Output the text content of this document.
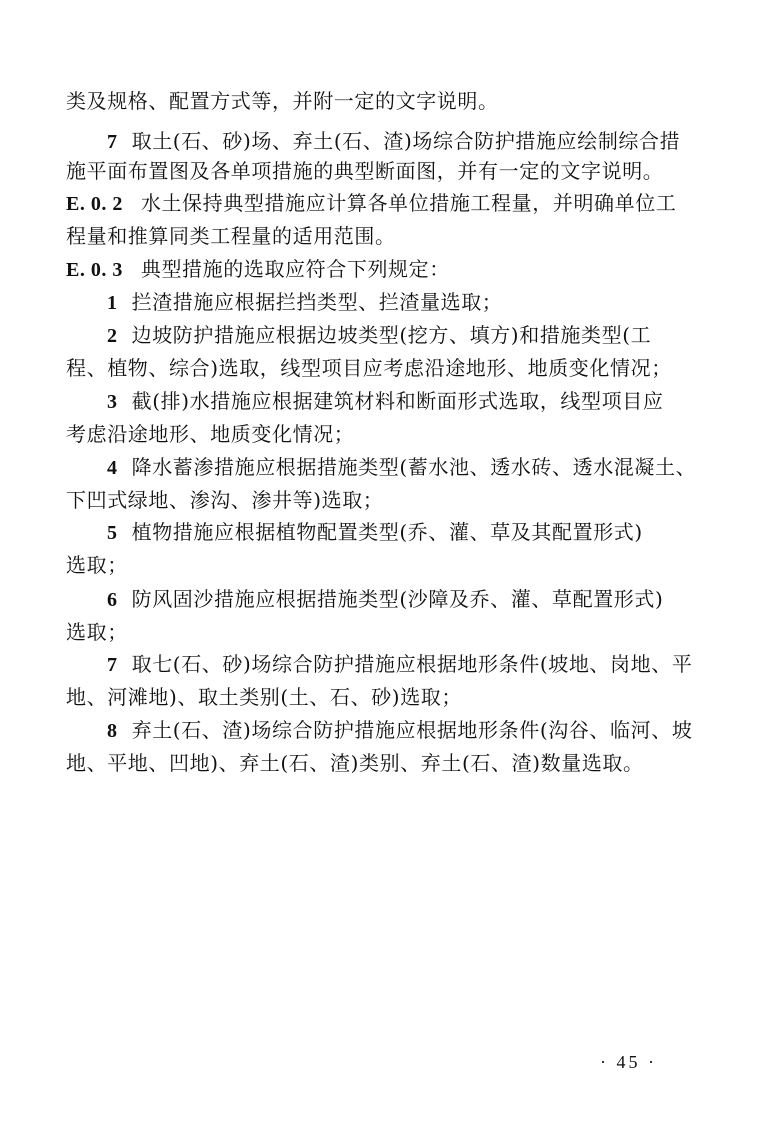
类及规格、配置方式等，并附一定的文字说明。
7 取土(石、砂)场、弃土(石、渣)场综合防护措施应绘制综合措
施平面布置图及各单项措施的典型断面图，并有一定的文字说明。
E. 0. 2 水土保持典型措施应计算各单位措施工程量，并明确单位工
程量和推算同类工程量的适用范围。
E. 0. 3 典型措施的选取应符合下列规定：
1 拦渣措施应根据拦挡类型、拦渣量选取；
2 边坡防护措施应根据边坡类型(挖方、填方)和措施类型(工
程、植物、综合)选取，线型项目应考虑沿途地形、地质变化情况；
3 截(排)水措施应根据建筑材料和断面形式选取，线型项目应
考虑沿途地形、地质变化情况；
4 降水蓄渗措施应根据措施类型(蓄水池、透水砖、透水混凝土、
下凹式绿地、渗沟、渗井等)选取；
5 植物措施应根据植物配置类型(乔、灌、草及其配置形式)
选取；
6 防风固沙措施应根据措施类型(沙障及乔、灌、草配置形式)
选取；
7 取七(石、砂)场综合防护措施应根据地形条件(坡地、岗地、平
地、河滩地)、取土类别(土、石、砂)选取；
8 弃土(石、渣)场综合防护措施应根据地形条件(沟谷、临河、坡
地、平地、凹地)、弃土(石、渣)类别、弃土(石、渣)数量选取。
· 45 ·
